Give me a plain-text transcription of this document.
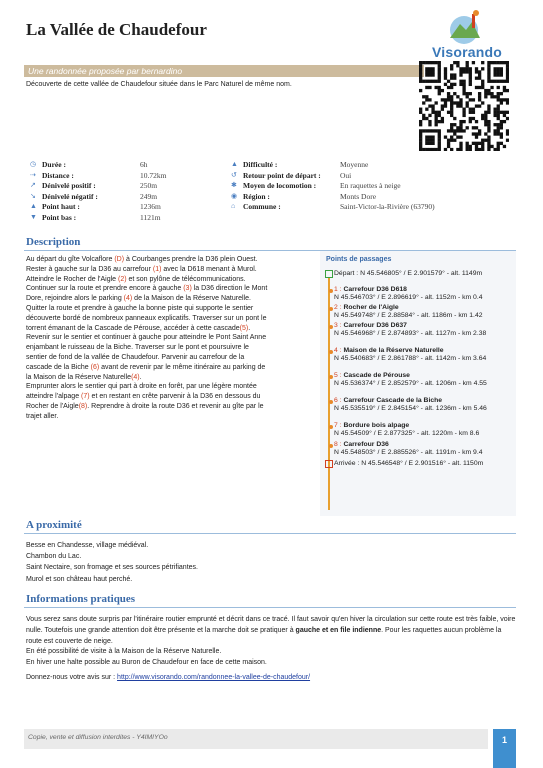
La Vallée de Chaudefour
Visorando
Une randonnée proposée par bernardino
Découverte de cette vallée de Chaudefour située dans le Parc Naturel de même nom.
◷ Durée :	6h
⇢ Distance :	10.72km
↗ Dénivelé positif :	250m
↘ Dénivelé négatif :	249m
▲ Point haut :	1236m
▼ Point bas :	1121m
▲ Difficulté :	Moyenne
↺ Retour point de départ :	Oui
✱ Moyen de locomotion :	En raquettes à neige
◉ Région :	Monts Dore
⌂ Commune :	Saint-Victor-la-Rivière (63790)
Description

Au départ du gîte Volcaflore (D) à Courbanges prendre la D36 plein Ouest.

Rester à gauche sur la D36 au carrefour (1) avec la D618 menant à Murol.

Atteindre le Rocher de l'Aigle (2) et son pylône de télécommunications.

Continuer sur la route et prendre encore à gauche (3) la D36 direction le Mont

Dore, rejoindre alors le parking (4) de la Maison de la Réserve Naturelle.

Quitter la route et prendre à gauche la bonne piste qui supporte le sentier

découverte bordé de nombreux panneaux explicatifs. Traverser sur un pont le

torrent émanant de la Cascade de Pérouse, accéder à cette cascade(5).

Revenir sur le sentier et continuer à gauche pour atteindre le Pont Saint Anne

enjambant le ruisseau de la Biche. Traverser sur le pont et poursuivre le

sentier de fond de la vallée de Chaudefour. Parvenir au carrefour de la

cascade de la Biche (6) avant de revenir par le même itinéraire au parking de

la Maison de la Réserve Naturelle(4).

Emprunter alors le sentier qui part à droite en forêt, par une légère montée

atteindre l'alpage (7) et en restant en crête parvenir à la D36 en dessous du

Rocher de l'Aigle(8). Reprendre à droite la route D36 et revenir au gîte par le

trajet aller.

Points de passages
Départ : N 45.546805° / E 2.901579° - alt. 1149m
1 : Carrefour D36 D618
N 45.546703° / E 2.896619° - alt. 1152m - km 0.4
2 : Rocher de l'Aigle
N 45.549748° / E 2.88584° - alt. 1186m - km 1.42
3 : Carrefour D36 D637
N 45.546968° / E 2.874893° - alt. 1127m - km 2.38
4 : Maison de la Réserve Naturelle
N 45.540683° / E 2.861788° - alt. 1142m - km 3.64
5 : Cascade de Pérouse
N 45.536374° / E 2.852579° - alt. 1206m - km 4.55
6 : Carrefour Cascade de la Biche
N 45.535519° / E 2.845154° - alt. 1236m - km 5.46
7 : Bordure bois alpage
N 45.54509° / E 2.877325° - alt. 1220m - km 8.6
8 : Carrefour D36
N 45.548503° / E 2.885526° - alt. 1191m - km 9.4
Arrivée : N 45.546548° / E 2.901516° - alt. 1150m
A proximité
Besse en Chandesse, village médiéval.
Chambon du Lac.
Saint Nectaire, son fromage et ses sources pétrifiantes.
Murol et son château haut perché.
Informations pratiques

Vous serez sans doute surpris par l'itinéraire routier emprunté et décrit dans ce tracé. Il faut savoir qu'en hiver la circulation sur cette route est très faible, voire nulle. Toutefois une grande attention doit être présente et la marche doit se pratiquer à gauche et en file indienne. Pour les raquettes aucun problème la route est couverte de neige.

En été possibilité de visite à la Maison de la Réserve Naturelle.

En hiver une halte possible au Buron de Chaudefour en face de cette maison.

Donnez-nous votre avis sur : http://www.visorando.com/randonnee-la-vallee-de-chaudefour/

Copie, vente et diffusion interdites - Y4IMIYOo	1
